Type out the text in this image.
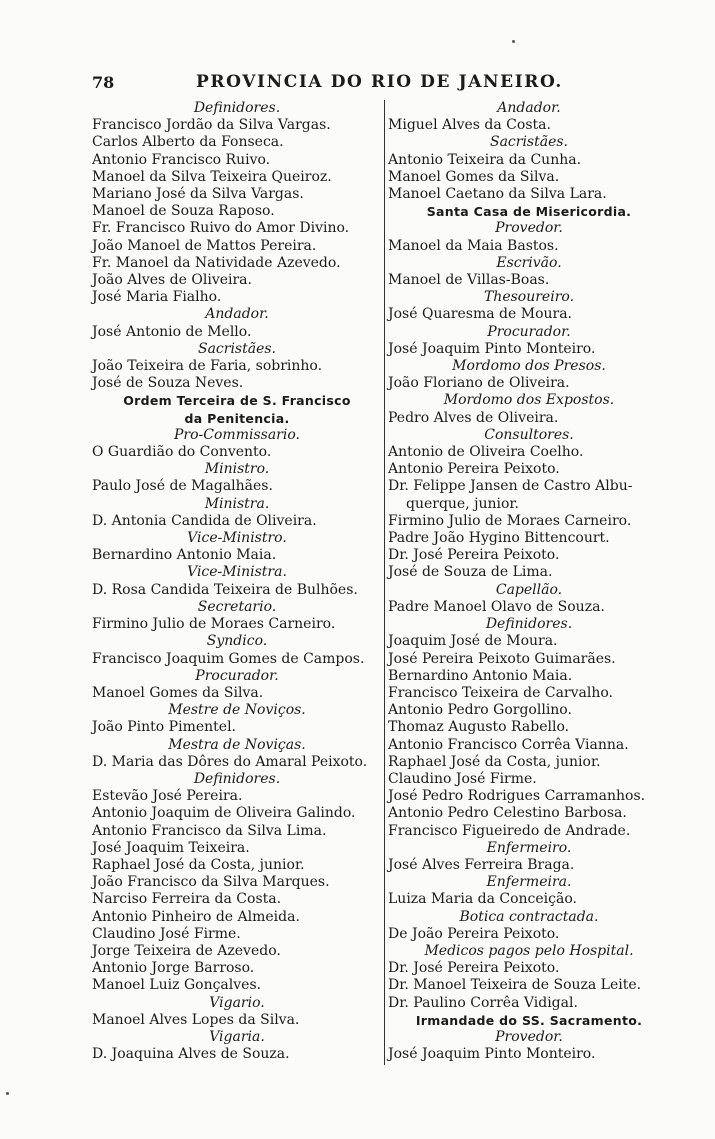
78	PROVINCIA DO RIO DE JANEIRO.
Definidores.
Francisco Jordão da Silva Vargas.
Carlos Alberto da Fonseca.
Antonio Francisco Ruivo.
Manoel da Silva Teixeira Queiroz.
Mariano José da Silva Vargas.
Manoel de Souza Raposo.
Fr. Francisco Ruivo do Amor Divino.
João Manoel de Mattos Pereira.
Fr. Manoel da Natividade Azevedo.
João Alves de Oliveira.
José Maria Fialho.
Andador.
José Antonio de Mello.
Sacristães.
João Teixeira de Faria, sobrinho.
José de Souza Neves.
Ordem Terceira de S. Francisco
da Penitencia.
Pro-Commissario.
O Guardião do Convento.
Ministro.
Paulo José de Magalhães.
Ministra.
D. Antonia Candida de Oliveira.
Vice-Ministro.
Bernardino Antonio Maia.
Vice-Ministra.
D. Rosa Candida Teixeira de Bulhões.
Secretario.
Firmino Julio de Moraes Carneiro.
Syndico.
Francisco Joaquim Gomes de Campos.
Procurador.
Manoel Gomes da Silva.
Mestre de Noviços.
João Pinto Pimentel.
Mestra de Noviças.
D. Maria das Dôres do Amaral Peixoto.
Definidores.
Estevão José Pereira.
Antonio Joaquim de Oliveira Galindo.
Antonio Francisco da Silva Lima.
José Joaquim Teixeira.
Raphael José da Costa, junior.
João Francisco da Silva Marques.
Narciso Ferreira da Costa.
Antonio Pinheiro de Almeida.
Claudino José Firme.
Jorge Teixeira de Azevedo.
Antonio Jorge Barroso.
Manoel Luiz Gonçalves.
Vigario.
Manoel Alves Lopes da Silva.
Vigaria.
D. Joaquina Alves de Souza.
Andador.
Miguel Alves da Costa.
Sacristães.
Antonio Teixeira da Cunha.
Manoel Gomes da Silva.
Manoel Caetano da Silva Lara.
Santa Casa de Misericordia.
Provedor.
Manoel da Maia Bastos.
Escrivão.
Manoel de Villas-Boas.
Thesoureiro.
José Quaresma de Moura.
Procurador.
José Joaquim Pinto Monteiro.
Mordomo dos Presos.
João Floriano de Oliveira.
Mordomo dos Expostos.
Pedro Alves de Oliveira.
Consultores.
Antonio de Oliveira Coelho.
Antonio Pereira Peixoto.
Dr. Felippe Jansen de Castro Albu-
querque, junior.
Firmino Julio de Moraes Carneiro.
Padre João Hygino Bittencourt.
Dr. José Pereira Peixoto.
José de Souza de Lima.
Capellão.
Padre Manoel Olavo de Souza.
Definidores.
Joaquim José de Moura.
José Pereira Peixoto Guimarães.
Bernardino Antonio Maia.
Francisco Teixeira de Carvalho.
Antonio Pedro Gorgollino.
Thomaz Augusto Rabello.
Antonio Francisco Corrêa Vianna.
Raphael José da Costa, junior.
Claudino José Firme.
José Pedro Rodrigues Carramanhos.
Antonio Pedro Celestino Barbosa.
Francisco Figueiredo de Andrade.
Enfermeiro.
José Alves Ferreira Braga.
Enfermeira.
Luiza Maria da Conceição.
Botica contractada.
De João Pereira Peixoto.
Medicos pagos pelo Hospital.
Dr. José Pereira Peixoto.
Dr. Manoel Teixeira de Souza Leite.
Dr. Paulino Corrêa Vidigal.
Irmandade do SS. Sacramento.
Provedor.
José Joaquim Pinto Monteiro.
